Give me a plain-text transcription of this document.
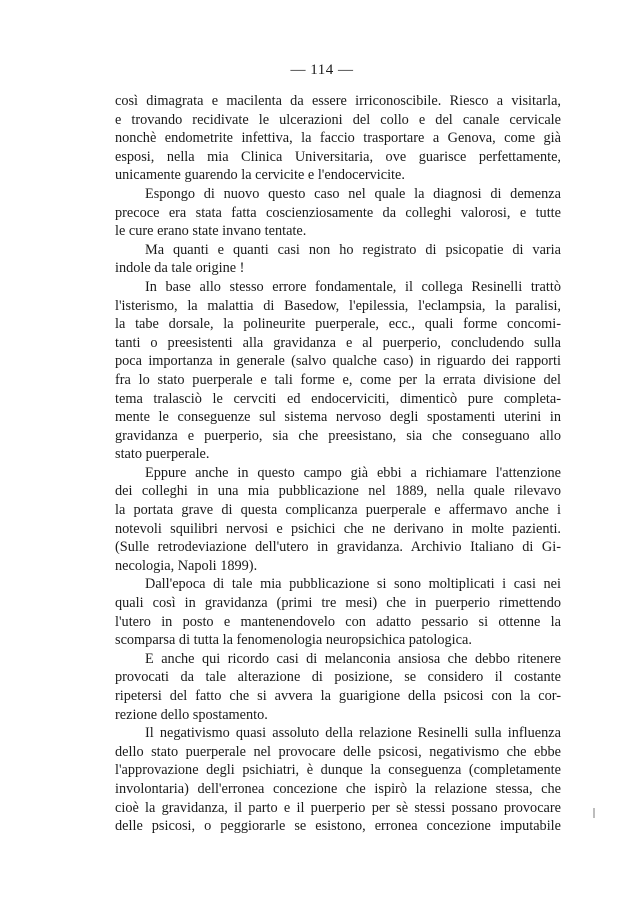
— 114 —
così dimagrata e macilenta da essere irriconoscibile. Riesco a visitarla,
e trovando recidivate le ulcerazioni del collo e del canale cervicale
nonchè endometrite infettiva, la faccio trasportare a Genova, come già
esposi, nella mia Clinica Universitaria, ove guarisce perfettamente,
unicamente guarendo la cervicite e l'endocervicite.
Espongo di nuovo questo caso nel quale la diagnosi di demenza
precoce era stata fatta coscienziosamente da colleghi valorosi, e tutte
le cure erano state invano tentate.
Ma quanti e quanti casi non ho registrato di psicopatie di varia
indole da tale origine !
In base allo stesso errore fondamentale, il collega Resinelli trattò
l'isterismo, la malattia di Basedow, l'epilessia, l'eclampsia, la paralisi,
la tabe dorsale, la polineurite puerperale, ecc., quali forme concomi-
tanti o preesistenti alla gravidanza e al puerperio, concludendo sulla
poca importanza in generale (salvo qualche caso) in riguardo dei rapporti
fra lo stato puerperale e tali forme e, come per la errata divisione del
tema tralasciò le cervciti ed endocerviciti, dimenticò pure completa-
mente le conseguenze sul sistema nervoso degli spostamenti uterini in
gravidanza e puerperio, sia che preesistano, sia che conseguano allo
stato puerperale.
Eppure anche in questo campo già ebbi a richiamare l'attenzione
dei colleghi in una mia pubblicazione nel 1889, nella quale rilevavo
la portata grave di questa complicanza puerperale e affermavo anche i
notevoli squilibri nervosi e psichici che ne derivano in molte pazienti.
(Sulle retrodeviazione dell'utero in gravidanza. Archivio Italiano di Gi-
necologia, Napoli 1899).
Dall'epoca di tale mia pubblicazione si sono moltiplicati i casi nei
quali così in gravidanza (primi tre mesi) che in puerperio rimettendo
l'utero in posto e mantenendovelo con adatto pessario si ottenne la
scomparsa di tutta la fenomenologia neuropsichica patologica.
E anche qui ricordo casi di melanconia ansiosa che debbo ritenere
provocati da tale alterazione di posizione, se considero il costante
ripetersi del fatto che si avvera la guarigione della psicosi con la cor-
rezione dello spostamento.
Il negativismo quasi assoluto della relazione Resinelli sulla influenza
dello stato puerperale nel provocare delle psicosi, negativismo che ebbe
l'approvazione degli psichiatri, è dunque la conseguenza (completamente
involontaria) dell'erronea concezione che ispirò la relazione stessa, che
cioè la gravidanza, il parto e il puerperio per sè stessi possano provocare
delle psicosi, o peggiorarle se esistono, erronea concezione imputabile
